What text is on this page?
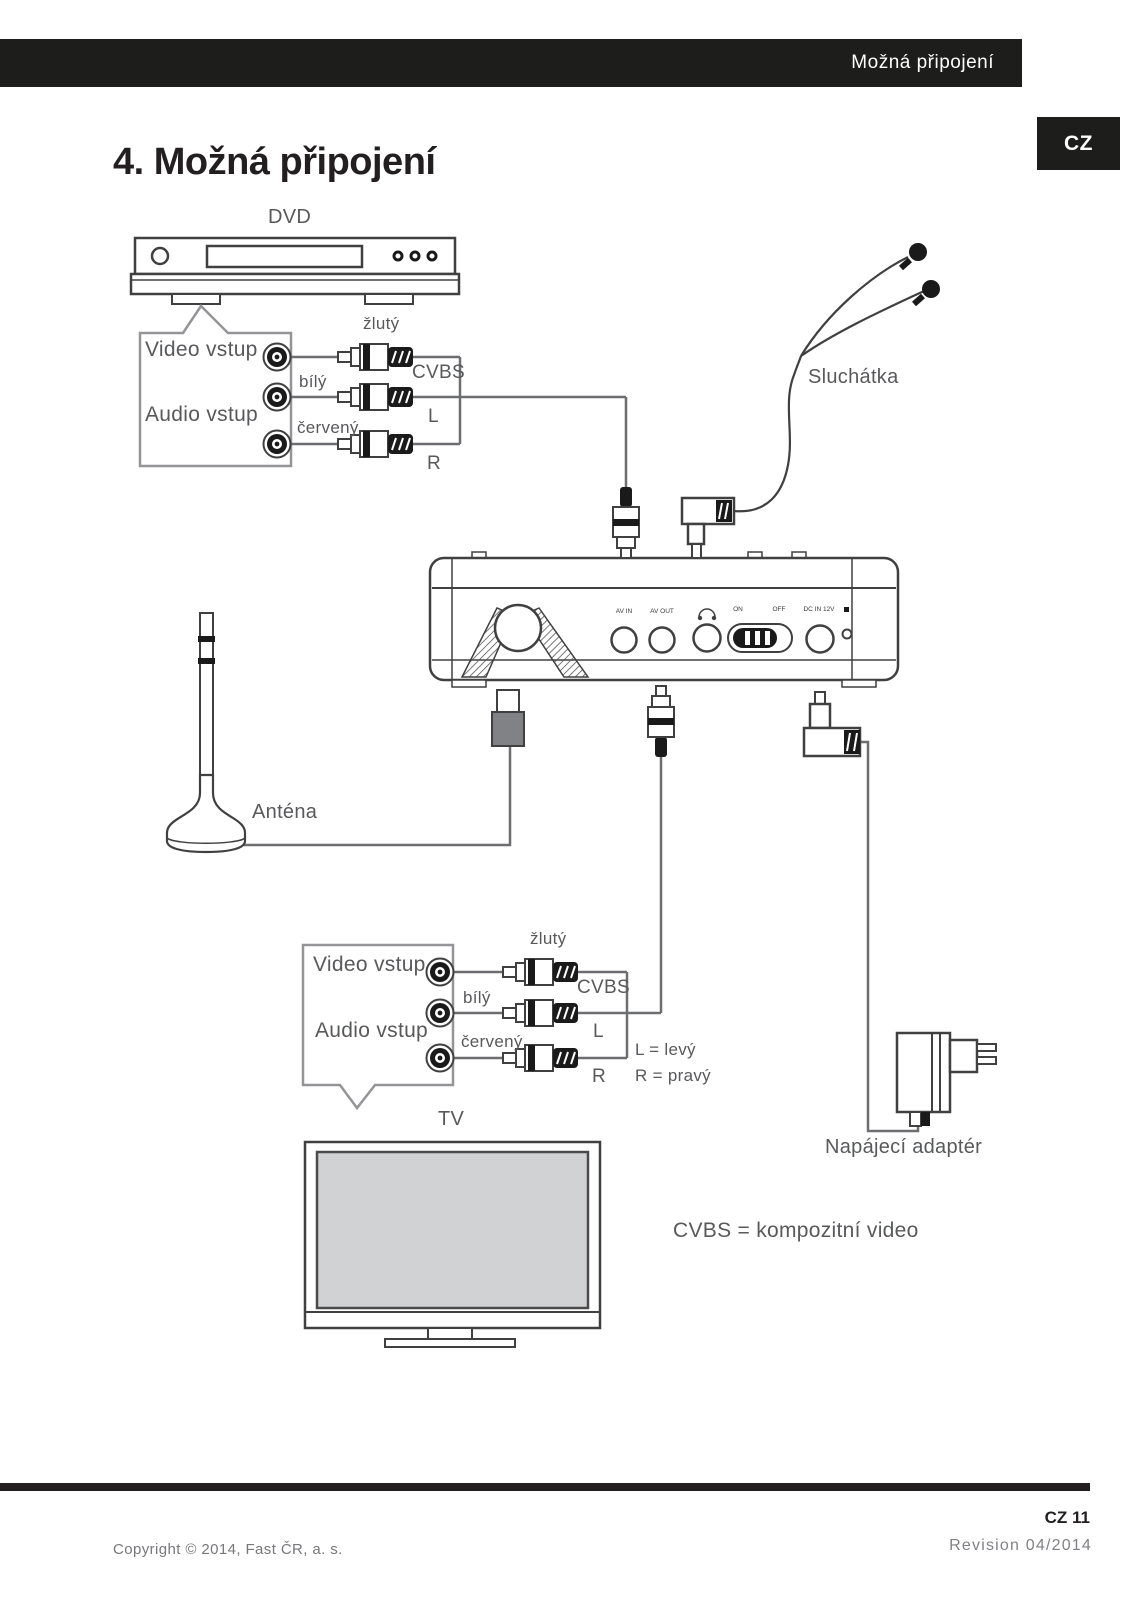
Možná připojení
CZ
4. Možná připojení
DVD
Video vstup
Audio vstup
žlutý
bílý
červený
CVBS
L
R
Sluchátka
Anténa
AV IN	AV OUT	ON	OFF	DC IN 12V
Video vstup
Audio vstup
žlutý
bílý
červený
CVBS
L
R
L = levý
R = pravý
TV
Napájecí adaptér
CVBS = kompozitní video
Copyright © 2014, Fast ČR, a. s.
CZ 11
Revision 04/2014
